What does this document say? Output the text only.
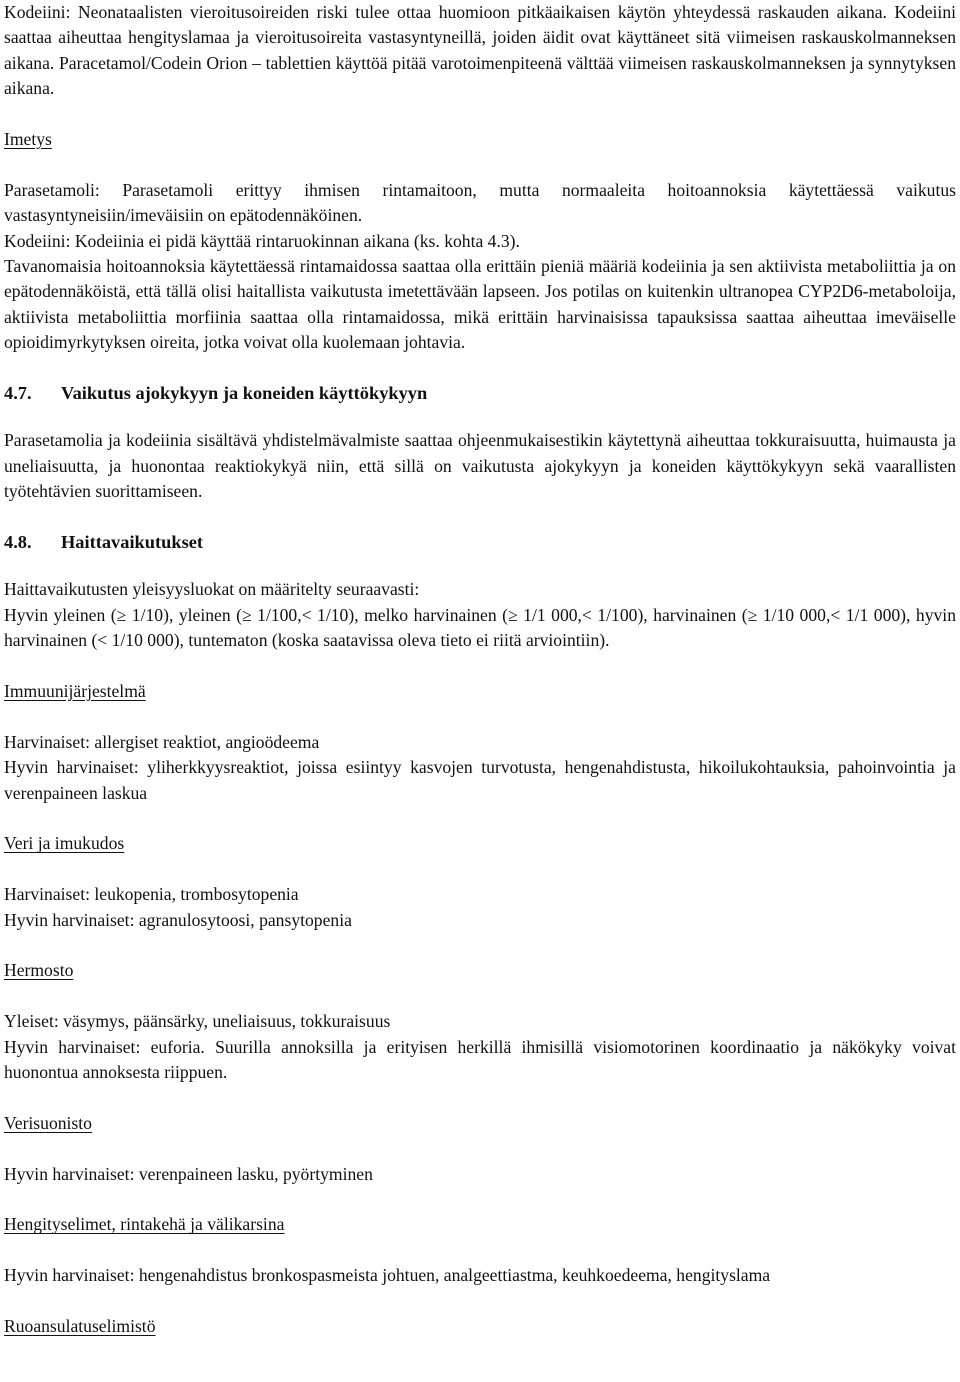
Kodeiini: Neonataalisten vieroitusoireiden riski tulee ottaa huomioon pitkäaikaisen käytön yhteydessä raskauden aikana. Kodeiini saattaa aiheuttaa hengityslamaa ja vieroitusoireita vastasyntyneillä, joiden äidit ovat käyttäneet sitä viimeisen raskauskolmanneksen aikana. Paracetamol/Codein Orion – tablettien käyttöä pitää varotoimenpiteenä välttää viimeisen raskauskolmanneksen ja synnytyksen aikana.

Imetys

Parasetamoli: Parasetamoli erittyy ihmisen rintamaitoon, mutta normaaleita hoitoannoksia käytettäessä vaikutus vastasyntyneisiin/imeväisiin on epätodennäköinen.

Kodeiini: Kodeiinia ei pidä käyttää rintaruokinnan aikana (ks. kohta 4.3).

Tavanomaisia hoitoannoksia käytettäessä rintamaidossa saattaa olla erittäin pieniä määriä kodeiinia ja sen aktiivista metaboliittia ja on epätodennäköistä, että tällä olisi haitallista vaikutusta imetettävään lapseen. Jos potilas on kuitenkin ultranopea CYP2D6-metaboloija, aktiivista metaboliittia morfiinia saattaa olla rintamaidossa, mikä erittäin harvinaisissa tapauksissa saattaa aiheuttaa imeväiselle opioidimyrkytyksen oireita, jotka voivat olla kuolemaan johtavia.

4.7. Vaikutus ajokykyyn ja koneiden käyttökykyyn

Parasetamolia ja kodeiinia sisältävä yhdistelmävalmiste saattaa ohjeenmukaisestikin käytettynä aiheuttaa tokkuraisuutta, huimausta ja uneliaisuutta, ja huonontaa reaktiokykyä niin, että sillä on vaikutusta ajokykyyn ja koneiden käyttökykyyn sekä vaarallisten työtehtävien suorittamiseen.

4.8. Haittavaikutukset

Haittavaikutusten yleisyysluokat on määritelty seuraavasti:

Hyvin yleinen (≥ 1/10), yleinen (≥ 1/100,< 1/10), melko harvinainen (≥ 1/1 000,< 1/100), harvinainen (≥ 1/10 000,< 1/1 000), hyvin harvinainen (< 1/10 000), tuntematon (koska saatavissa oleva tieto ei riitä arviointiin).

Immuunijärjestelmä

Harvinaiset: allergiset reaktiot, angioödeema

Hyvin harvinaiset: yliherkkyysreaktiot, joissa esiintyy kasvojen turvotusta, hengenahdistusta, hikoilukohtauksia, pahoinvointia ja verenpaineen laskua

Veri ja imukudos

Harvinaiset: leukopenia, trombosytopenia

Hyvin harvinaiset: agranulosytoosi, pansytopenia

Hermosto

Yleiset: väsymys, päänsärky, uneliaisuus, tokkuraisuus

Hyvin harvinaiset: euforia. Suurilla annoksilla ja erityisen herkillä ihmisillä visiomotorinen koordinaatio ja näkökyky voivat huonontua annoksesta riippuen.

Verisuonisto

Hyvin harvinaiset: verenpaineen lasku, pyörtyminen

Hengityselimet, rintakehä ja välikarsina

Hyvin harvinaiset: hengenahdistus bronkospasmeista johtuen, analgeettiastma, keuhkoedeema, hengityslama

Ruoansulatuselimistö
